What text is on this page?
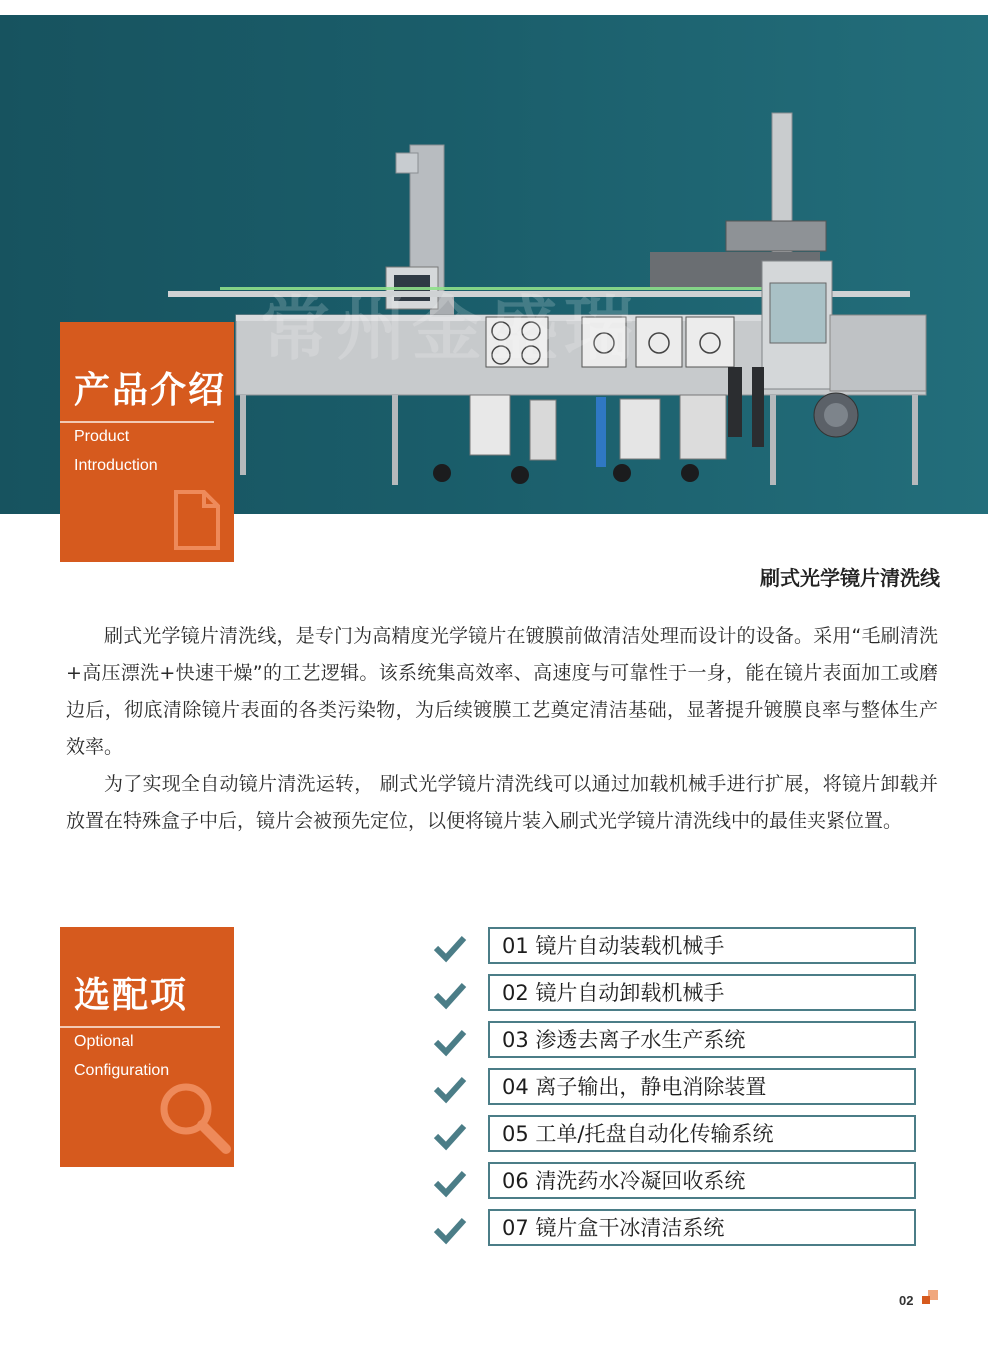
常州金盛瑞
产品介绍
Product
Introduction
刷式光学镜片清洗线

刷式光学镜片清洗线，是专门为高精度光学镜片在镀膜前做清洁处理而设计的设备。采用“毛刷清洗+高压漂洗+快速干燥”的工艺逻辑。该系统集高效率、高速度与可靠性于一身，能在镜片表面加工或磨边后，彻底清除镜片表面的各类污染物，为后续镀膜工艺奠定清洁基础，显著提升镀膜良率与整体生产效率。

为了实现全自动镜片清洗运转， 刷式光学镜片清洗线可以通过加载机械手进行扩展，将镜片卸载并放置在特殊盒子中后，镜片会被预先定位，以便将镜片装入刷式光学镜片清洗线中的最佳夹紧位置。

选配项
Optional
Configuration
01 镜片自动装载机械手
02 镜片自动卸载机械手
03 渗透去离子水生产系统
04 离子输出，静电消除装置
05 工单/托盘自动化传输系统
06 清洗药水冷凝回收系统
07 镜片盒干冰清洁系统
02
